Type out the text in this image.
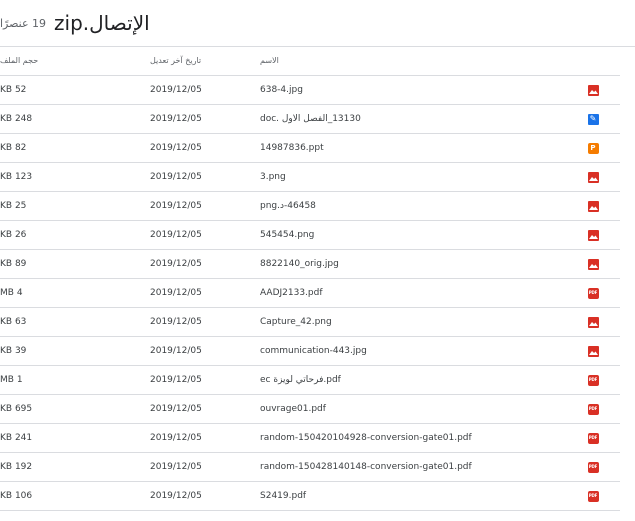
الإتصال.zip
19 عنصرًا
حجم الملف	تاريخ آخر تعديل	الاسم
52 KB	2019/12/05	638-4.jpg
248 KB	2019/12/05	13130_الفصل الاول .doc	✎
82 KB	2019/12/05	14987836.ppt	P
123 KB	2019/12/05	3.png
25 KB	2019/12/05	46458-د.png
26 KB	2019/12/05	545454.png
89 KB	2019/12/05	8822140_orig.jpg
4 MB	2019/12/05	AADJ2133.pdf	PDF
63 KB	2019/12/05	Capture_42.png
39 KB	2019/12/05	communication-443.jpg
1 MB	2019/12/05	ec فرحاتي لويزة.pdf	PDF
695 KB	2019/12/05	ouvrage01.pdf	PDF
241 KB	2019/12/05	random-150420104928-conversion-gate01.pdf	PDF
192 KB	2019/12/05	random-150428140148-conversion-gate01.pdf	PDF
106 KB	2019/12/05	S2419.pdf	PDF
